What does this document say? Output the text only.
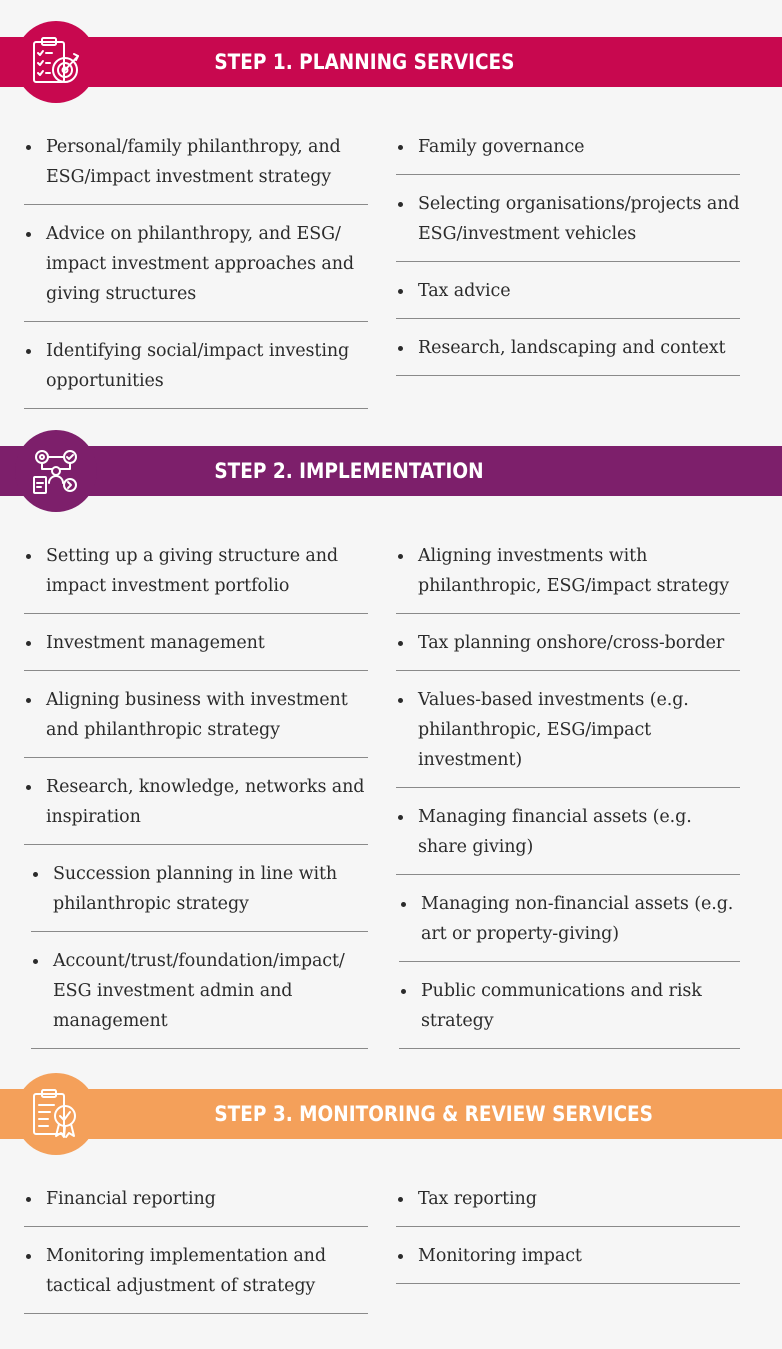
STEP 1. PLANNING SERVICES
Personal/family philanthropy, and ESG/impact investment strategy
Advice on philanthropy, and ESG/ impact investment approaches and giving structures
Identifying social/impact investing opportunities
Family governance
Selecting organisations/projects and ESG/investment vehicles
Tax advice
Research, landscaping and context
STEP 2. IMPLEMENTATION
Setting up a giving structure and impact investment portfolio
Investment management
Aligning business with investment and philanthropic strategy
Research, knowledge, networks and inspiration
Succession planning in line with philanthropic strategy
Account/trust/foundation/impact/ ESG investment admin and management
Aligning investments with philanthropic, ESG/impact strategy
Tax planning onshore/cross-border
Values-based investments (e.g. philanthropic, ESG/impact investment)
Managing financial assets (e.g. share giving)
Managing non-financial assets (e.g. art or property-giving)
Public communications and risk strategy
STEP 3. MONITORING & REVIEW SERVICES
Financial reporting
Monitoring implementation and tactical adjustment of strategy
Tax reporting
Monitoring impact
